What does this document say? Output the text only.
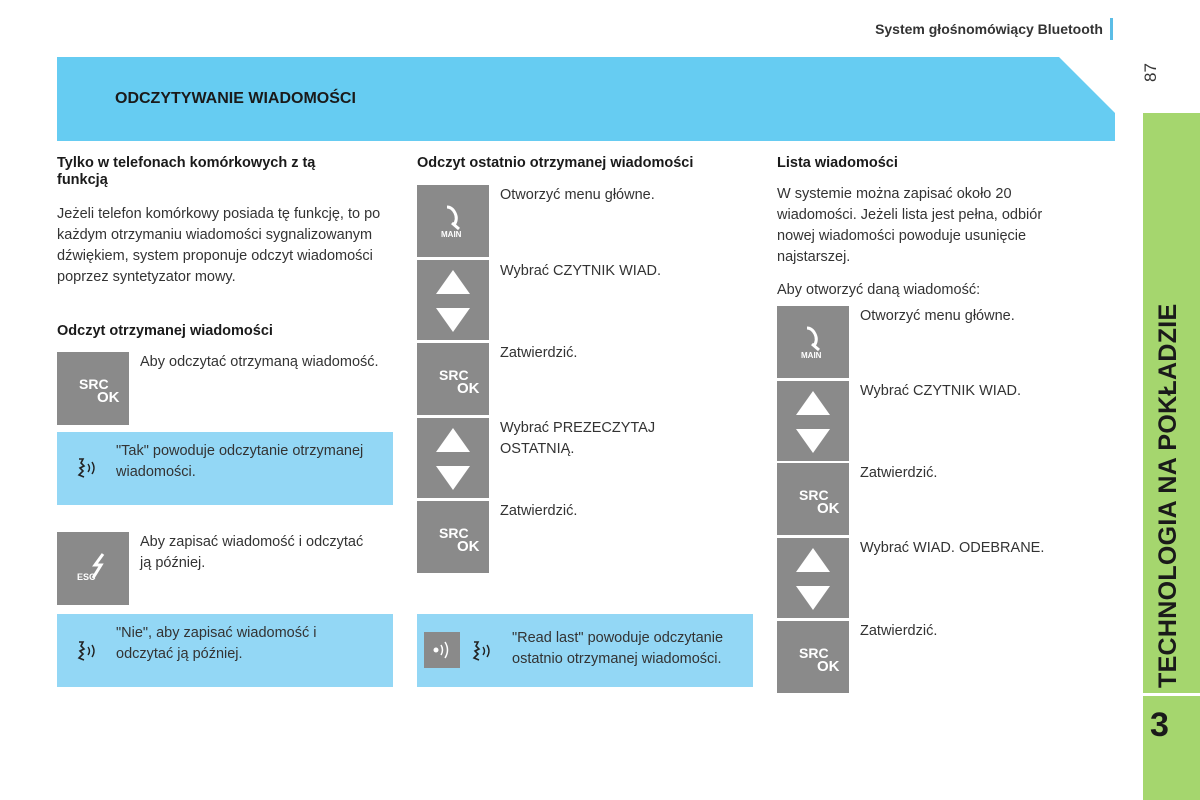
System głośnomówiący Bluetooth
87
ODCZYTYWANIE WIADOMOŚCI
TECHNOLOGIA NA POKŁADZIE
3
Tylko w telefonach komórkowych z tą funkcją
Jeżeli telefon komórkowy posiada tę funkcję, to po każdym otrzymaniu wiadomości sygnalizowanym dźwiękiem, system proponuje odczyt wiadomości poprzez syntetyzator mowy.
Odczyt otrzymanej wiadomości
SRC
OK
Aby odczytać otrzymaną wiadomość.
"Tak" powoduje odczytanie otrzymanej wiadomości.
ESC
Aby zapisać wiadomość i odczytać ją później.
"Nie", aby zapisać wiadomość i odczytać ją później.
Odczyt ostatnio otrzymanej wiadomości
MAIN
Otworzyć menu główne.
Wybrać CZYTNIK WIAD.
SRC
OK
Zatwierdzić.
Wybrać PREZECZYTAJ OSTATNIĄ.
SRC
OK
Zatwierdzić.
"Read last" powoduje odczytanie ostatnio otrzymanej wiadomości.
Lista wiadomości
W systemie można zapisać około 20 wiadomości. Jeżeli lista jest pełna, odbiór nowej wiadomości powoduje usunięcie najstarszej.
Aby otworzyć daną wiadomość:
MAIN
Otworzyć menu główne.
Wybrać CZYTNIK WIAD.
SRC
OK
Zatwierdzić.
Wybrać WIAD. ODEBRANE.
SRC
OK
Zatwierdzić.
